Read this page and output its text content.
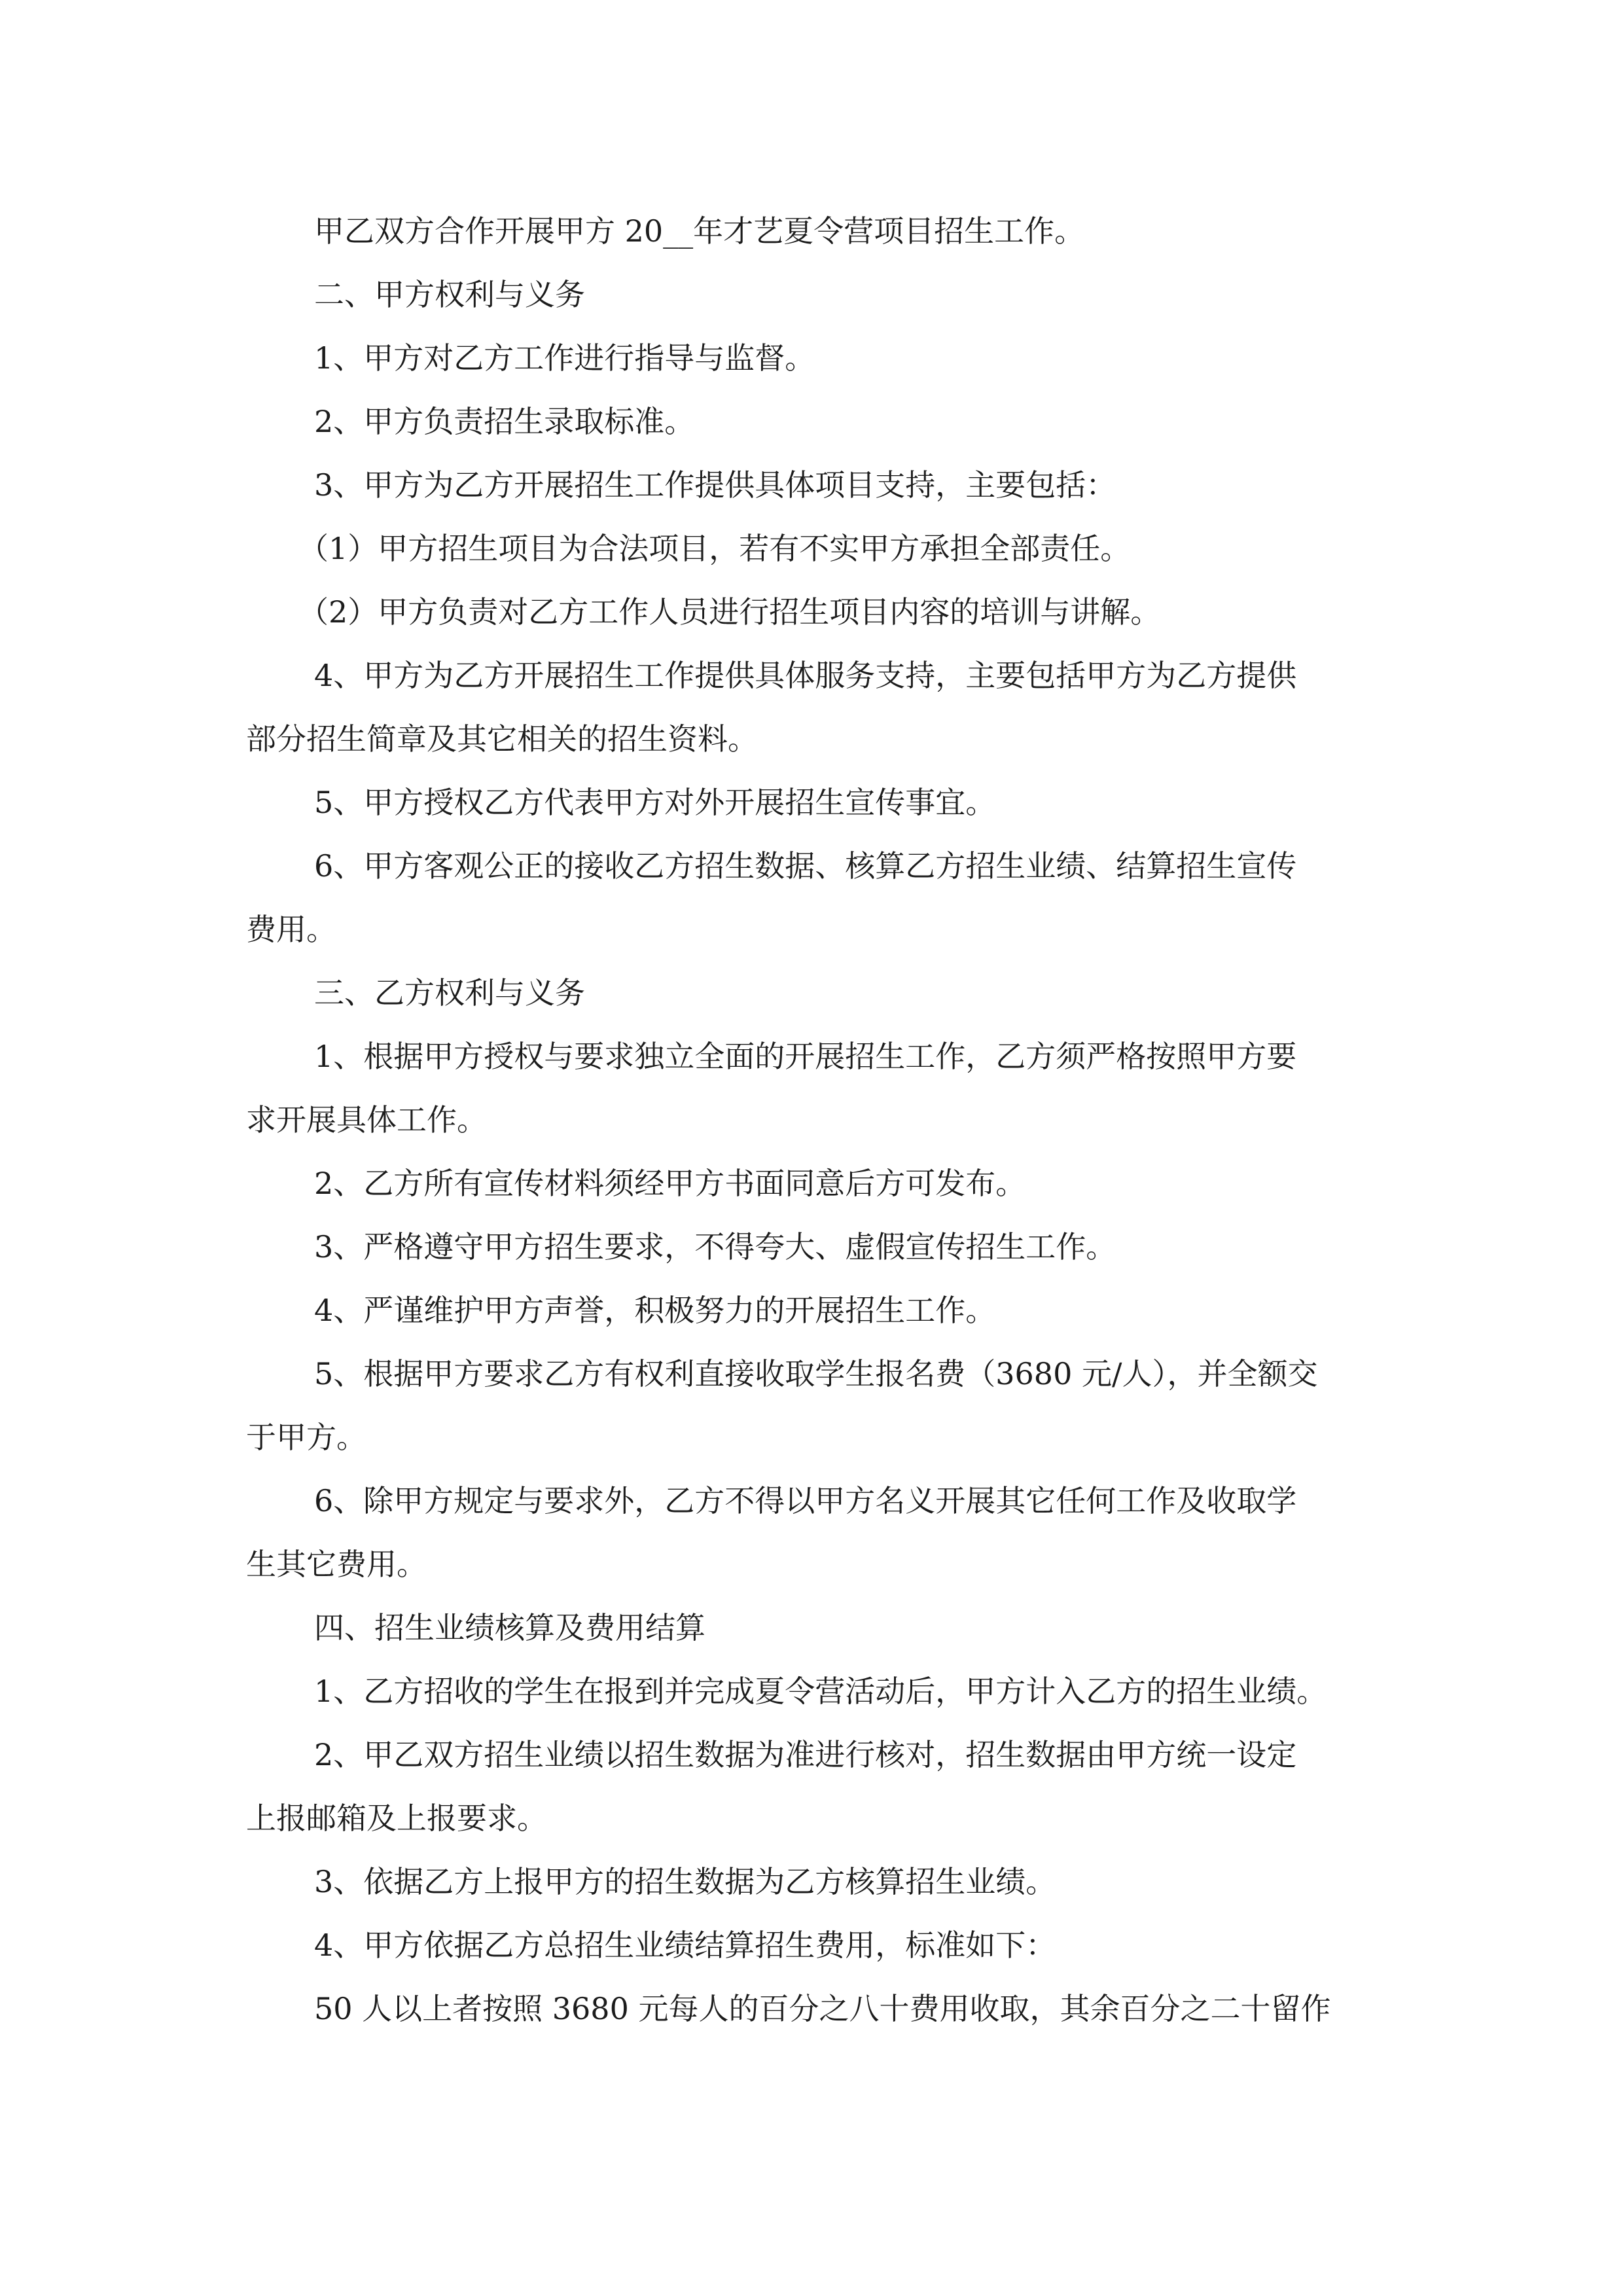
甲乙双方合作开展甲方 20__年才艺夏令营项目招生工作。

二、甲方权利与义务

1、甲方对乙方工作进行指导与监督。

2、甲方负责招生录取标准。

3、甲方为乙方开展招生工作提供具体项目支持，主要包括：

（1）甲方招生项目为合法项目，若有不实甲方承担全部责任。

（2）甲方负责对乙方工作人员进行招生项目内容的培训与讲解。

4、甲方为乙方开展招生工作提供具体服务支持，主要包括甲方为乙方提供

部分招生简章及其它相关的招生资料。

5、甲方授权乙方代表甲方对外开展招生宣传事宜。

6、甲方客观公正的接收乙方招生数据、核算乙方招生业绩、结算招生宣传

费用。

三、乙方权利与义务

1、根据甲方授权与要求独立全面的开展招生工作，乙方须严格按照甲方要

求开展具体工作。

2、乙方所有宣传材料须经甲方书面同意后方可发布。

3、严格遵守甲方招生要求，不得夸大、虚假宣传招生工作。

4、严谨维护甲方声誉，积极努力的开展招生工作。

5、根据甲方要求乙方有权利直接收取学生报名费（3680 元/人），并全额交

于甲方。

6、除甲方规定与要求外，乙方不得以甲方名义开展其它任何工作及收取学

生其它费用。

四、招生业绩核算及费用结算

1、乙方招收的学生在报到并完成夏令营活动后，甲方计入乙方的招生业绩。

2、甲乙双方招生业绩以招生数据为准进行核对，招生数据由甲方统一设定

上报邮箱及上报要求。

3、依据乙方上报甲方的招生数据为乙方核算招生业绩。

4、甲方依据乙方总招生业绩结算招生费用，标准如下：

50 人以上者按照 3680 元每人的百分之八十费用收取，其余百分之二十留作
